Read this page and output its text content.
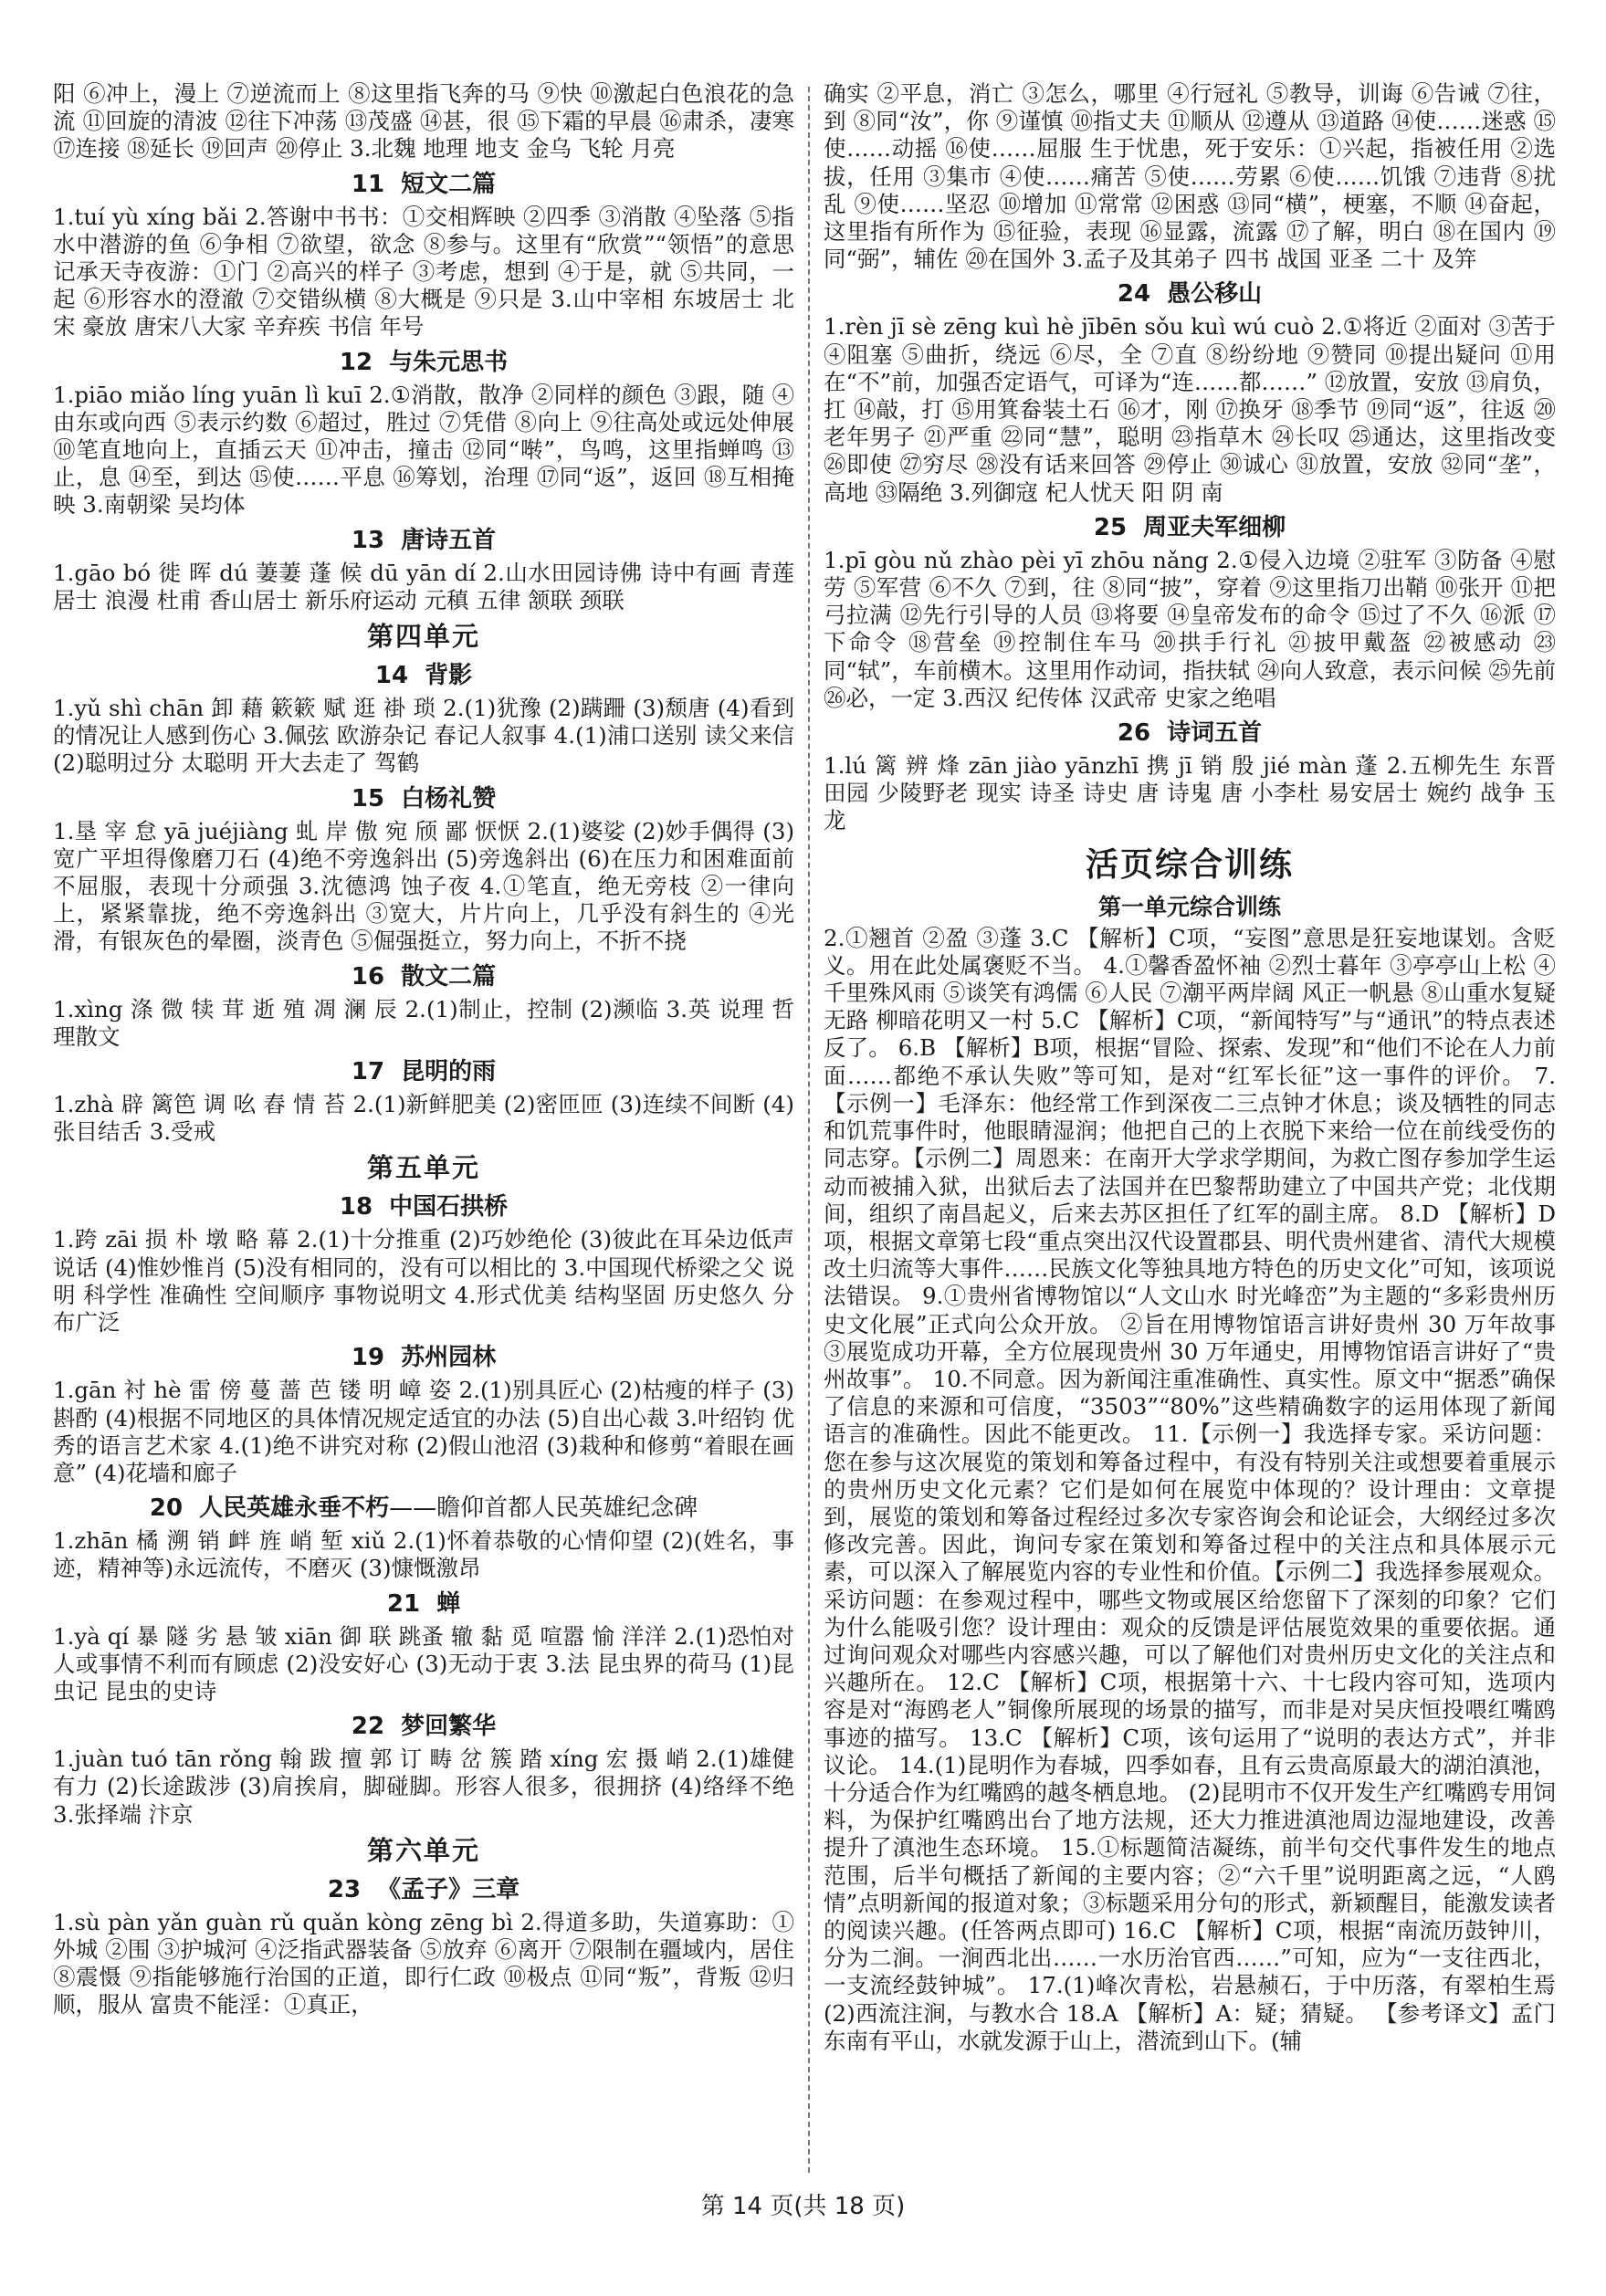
阳 ⑥冲上，漫上 ⑦逆流而上 ⑧这里指飞奔的马 ⑨快 ⑩激起白色浪花的急流 ⑪回旋的清波 ⑫往下冲荡 ⑬茂盛 ⑭甚，很 ⑮下霜的早晨 ⑯肃杀，凄寒 ⑰连接 ⑱延长 ⑲回声 ⑳停止 3.北魏 地理 地支 金乌 飞轮 月亮

11 短文二篇

1.tuí yù xíng bǎi 2.答谢中书书：①交相辉映 ②四季 ③消散 ④坠落 ⑤指水中潜游的鱼 ⑥争相 ⑦欲望，欲念 ⑧参与。这里有“欣赏”“领悟”的意思 记承天寺夜游：①门 ②高兴的样子 ③考虑，想到 ④于是，就 ⑤共同，一起 ⑥形容水的澄澈 ⑦交错纵横 ⑧大概是 ⑨只是 3.山中宰相 东坡居士 北宋 豪放 唐宋八大家 辛弃疾 书信 年号

12 与朱元思书

1.piāo miǎo líng yuān lì kuī 2.①消散，散净 ②同样的颜色 ③跟，随 ④由东或向西 ⑤表示约数 ⑥超过，胜过 ⑦凭借 ⑧向上 ⑨往高处或远处伸展 ⑩笔直地向上，直插云天 ⑪冲击，撞击 ⑫同“啭”，鸟鸣，这里指蝉鸣 ⑬止，息 ⑭至，到达 ⑮使……平息 ⑯筹划，治理 ⑰同“返”，返回 ⑱互相掩映 3.南朝梁 吴均体

13 唐诗五首

1.gāo bó 徙 晖 dú 萋萋 蓬 候 dū yān dí 2.山水田园诗佛 诗中有画 青莲居士 浪漫 杜甫 香山居士 新乐府运动 元稹 五律 颔联 颈联

第四单元
14 背影

1.yǔ shì chān 卸 藉 簌簌 赋 逛 褂 琐 2.(1)犹豫 (2)蹒跚 (3)颓唐 (4)看到的情况让人感到伤心 3.佩弦 欧游杂记 春记人叙事 4.(1)浦口送别 读父来信 (2)聪明过分 太聪明 开大去走了 驾鹤

15 白杨礼赞

1.垦 宰 怠 yā juéjiàng 虬 岸 傲 宛 颀 鄙 恹恹 2.(1)婆娑 (2)妙手偶得 (3)宽广平坦得像磨刀石 (4)绝不旁逸斜出 (5)旁逸斜出 (6)在压力和困难面前不屈服，表现十分顽强 3.沈德鸿 蚀子夜 4.①笔直，绝无旁枝 ②一律向上，紧紧靠拢，绝不旁逸斜出 ③宽大，片片向上，几乎没有斜生的 ④光滑，有银灰色的晕圈，淡青色 ⑤倔强挺立，努力向上，不折不挠

16 散文二篇

1.xìng 涤 微 犊 茸 逝 殖 凋 澜 辰 2.(1)制止，控制 (2)濒临 3.英 说理 哲理散文

17 昆明的雨

1.zhà 辟 篱笆 调 吆 舂 情 苔 2.(1)新鲜肥美 (2)密匝匝 (3)连续不间断 (4)张目结舌 3.受戒

第五单元
18 中国石拱桥

1.跨 zāi 损 朴 墩 略 幕 2.(1)十分推重 (2)巧妙绝伦 (3)彼此在耳朵边低声说话 (4)惟妙惟肖 (5)没有相同的，没有可以相比的 3.中国现代桥梁之父 说明 科学性 准确性 空间顺序 事物说明文 4.形式优美 结构坚固 历史悠久 分布广泛

19 苏州园林

1.gān 衬 hè 雷 傍 蔓 蔷 芭 镂 明 嶂 姿 2.(1)别具匠心 (2)枯瘦的样子 (3)斟酌 (4)根据不同地区的具体情况规定适宜的办法 (5)自出心裁 3.叶绍钧 优秀的语言艺术家 4.(1)绝不讲究对称 (2)假山池沼 (3)栽种和修剪“着眼在画意” (4)花墙和廊子

20 人民英雄永垂不朽——瞻仰首都人民英雄纪念碑

1.zhān 橘 溯 销 衅 旌 峭 堑 xiǔ 2.(1)怀着恭敬的心情仰望 (2)(姓名，事迹，精神等)永远流传，不磨灭 (3)慷慨激昂

21 蝉

1.yà qí 暴 隧 劣 悬 皱 xiān 御 联 跳蚤 辙 黏 觅 喧嚣 愉 洋洋 2.(1)恐怕对人或事情不利而有顾虑 (2)没安好心 (3)无动于衷 3.法 昆虫界的荷马 (1)昆虫记 昆虫的史诗

22 梦回繁华

1.juàn tuó tān rǒng 翰 跋 擅 郭 订 畴 岔 簇 踏 xíng 宏 摄 峭 2.(1)雄健有力 (2)长途跋涉 (3)肩挨肩，脚碰脚。形容人很多，很拥挤 (4)络绎不绝 3.张择端 汴京

第六单元
23 《孟子》三章

1.sù pàn yǎn guàn rǔ quǎn kòng zēng bì 2.得道多助，失道寡助：①外城 ②围 ③护城河 ④泛指武器装备 ⑤放弃 ⑥离开 ⑦限制在疆域内，居住 ⑧震慑 ⑨指能够施行治国的正道，即行仁政 ⑩极点 ⑪同“叛”，背叛 ⑫归顺，服从 富贵不能淫：①真正，

确实 ②平息，消亡 ③怎么，哪里 ④行冠礼 ⑤教导，训诲 ⑥告诫 ⑦往，到 ⑧同“汝”，你 ⑨谨慎 ⑩指丈夫 ⑪顺从 ⑫遵从 ⑬道路 ⑭使……迷惑 ⑮使……动摇 ⑯使……屈服 生于忧患，死于安乐：①兴起，指被任用 ②选拔，任用 ③集市 ④使……痛苦 ⑤使……劳累 ⑥使……饥饿 ⑦违背 ⑧扰乱 ⑨使……坚忍 ⑩增加 ⑪常常 ⑫困惑 ⑬同“横”，梗塞，不顺 ⑭奋起，这里指有所作为 ⑮征验，表现 ⑯显露，流露 ⑰了解，明白 ⑱在国内 ⑲同“弼”，辅佐 ⑳在国外 3.孟子及其弟子 四书 战国 亚圣 二十 及笄

24 愚公移山

1.rèn jī sè zēng kuì hè jībēn sǒu kuì wú cuò 2.①将近 ②面对 ③苦于 ④阻塞 ⑤曲折，绕远 ⑥尽，全 ⑦直 ⑧纷纷地 ⑨赞同 ⑩提出疑问 ⑪用在“不”前，加强否定语气，可译为“连……都……” ⑫放置，安放 ⑬肩负，扛 ⑭敲，打 ⑮用箕畚装土石 ⑯才，刚 ⑰换牙 ⑱季节 ⑲同“返”，往返 ⑳老年男子 ㉑严重 ㉒同“慧”，聪明 ㉓指草木 ㉔长叹 ㉕通达，这里指改变 ㉖即使 ㉗穷尽 ㉘没有话来回答 ㉙停止 ㉚诚心 ㉛放置，安放 ㉜同“垄”，高地 ㉝隔绝 3.列御寇 杞人忧天 阳 阴 南

25 周亚夫军细柳

1.pī gòu nǔ zhào pèi yī zhōu nǎng 2.①侵入边境 ②驻军 ③防备 ④慰劳 ⑤军营 ⑥不久 ⑦到，往 ⑧同“披”，穿着 ⑨这里指刀出鞘 ⑩张开 ⑪把弓拉满 ⑫先行引导的人员 ⑬将要 ⑭皇帝发布的命令 ⑮过了不久 ⑯派 ⑰下命令 ⑱营垒 ⑲控制住车马 ⑳拱手行礼 ㉑披甲戴盔 ㉒被感动 ㉓同“轼”，车前横木。这里用作动词，指扶轼 ㉔向人致意，表示问候 ㉕先前 ㉖必，一定 3.西汉 纪传体 汉武帝 史家之绝唱

26 诗词五首

1.lú 篱 辨 烽 zān jiào yānzhī 携 jī 销 殷 jié màn 蓬 2.五柳先生 东晋 田园 少陵野老 现实 诗圣 诗史 唐 诗鬼 唐 小李杜 易安居士 婉约 战争 玉龙

活页综合训练
第一单元综合训练

2.①翘首 ②盈 ③蓬 3.C 【解析】C项，“妄图”意思是狂妄地谋划。含贬义。用在此处属褒贬不当。 4.①馨香盈怀袖 ②烈士暮年 ③亭亭山上松 ④千里殊风雨 ⑤谈笑有鸿儒 ⑥人民 ⑦潮平两岸阔 风正一帆悬 ⑧山重水复疑无路 柳暗花明又一村 5.C 【解析】C项，“新闻特写”与“通讯”的特点表述反了。 6.B 【解析】B项，根据“冒险、探索、发现”和“他们不论在人力前面……都绝不承认失败”等可知，是对“红军长征”这一事件的评价。 7.【示例一】毛泽东：他经常工作到深夜二三点钟才休息；谈及牺牲的同志和饥荒事件时，他眼睛湿润；他把自己的上衣脱下来给一位在前线受伤的同志穿。【示例二】周恩来：在南开大学求学期间，为救亡图存参加学生运动而被捕入狱，出狱后去了法国并在巴黎帮助建立了中国共产党；北伐期间，组织了南昌起义，后来去苏区担任了红军的副主席。 8.D 【解析】D项，根据文章第七段“重点突出汉代设置郡县、明代贵州建省、清代大规模改土归流等大事件……民族文化等独具地方特色的历史文化”可知，该项说法错误。 9.①贵州省博物馆以“人文山水 时光峰峦”为主题的“多彩贵州历史文化展”正式向公众开放。 ②旨在用博物馆语言讲好贵州 30 万年故事 ③展览成功开幕，全方位展现贵州 30 万年通史，用博物馆语言讲好了“贵州故事”。 10.不同意。因为新闻注重准确性、真实性。原文中“据悉”确保了信息的来源和可信度，“3503”“80%”这些精确数字的运用体现了新闻语言的准确性。因此不能更改。 11.【示例一】我选择专家。采访问题：您在参与这次展览的策划和筹备过程中，有没有特别关注或想要着重展示的贵州历史文化元素？它们是如何在展览中体现的？设计理由：文章提到，展览的策划和筹备过程经过多次专家咨询会和论证会，大纲经过多次修改完善。因此，询问专家在策划和筹备过程中的关注点和具体展示元素，可以深入了解展览内容的专业性和价值。【示例二】我选择参展观众。采访问题：在参观过程中，哪些文物或展区给您留下了深刻的印象？它们为什么能吸引您？设计理由：观众的反馈是评估展览效果的重要依据。通过询问观众对哪些内容感兴趣，可以了解他们对贵州历史文化的关注点和兴趣所在。 12.C 【解析】C项，根据第十六、十七段内容可知，选项内容是对“海鸥老人”铜像所展现的场景的描写，而非是对吴庆恒投喂红嘴鸥事迹的描写。 13.C 【解析】C项，该句运用了“说明的表达方式”，并非议论。 14.(1)昆明作为春城，四季如春，且有云贵高原最大的湖泊滇池，十分适合作为红嘴鸥的越冬栖息地。 (2)昆明市不仅开发生产红嘴鸥专用饲料，为保护红嘴鸥出台了地方法规，还大力推进滇池周边湿地建设，改善提升了滇池生态环境。 15.①标题简洁凝练，前半句交代事件发生的地点范围，后半句概括了新闻的主要内容；②“六千里”说明距离之远，“人鸥情”点明新闻的报道对象；③标题采用分句的形式，新颖醒目，能激发读者的阅读兴趣。(任答两点即可) 16.C 【解析】C项，根据“南流历鼓钟川，分为二涧。一涧西北出……一水历治官西……”可知，应为“一支往西北，一支流经鼓钟城”。 17.(1)峰次青松，岩悬赪石，于中历落，有翠柏生焉 (2)西流注涧，与教水合 18.A 【解析】A：疑；猜疑。 【参考译文】孟门东南有平山，水就发源于山上，潜流到山下。(辅

第 14 页(共 18 页)
